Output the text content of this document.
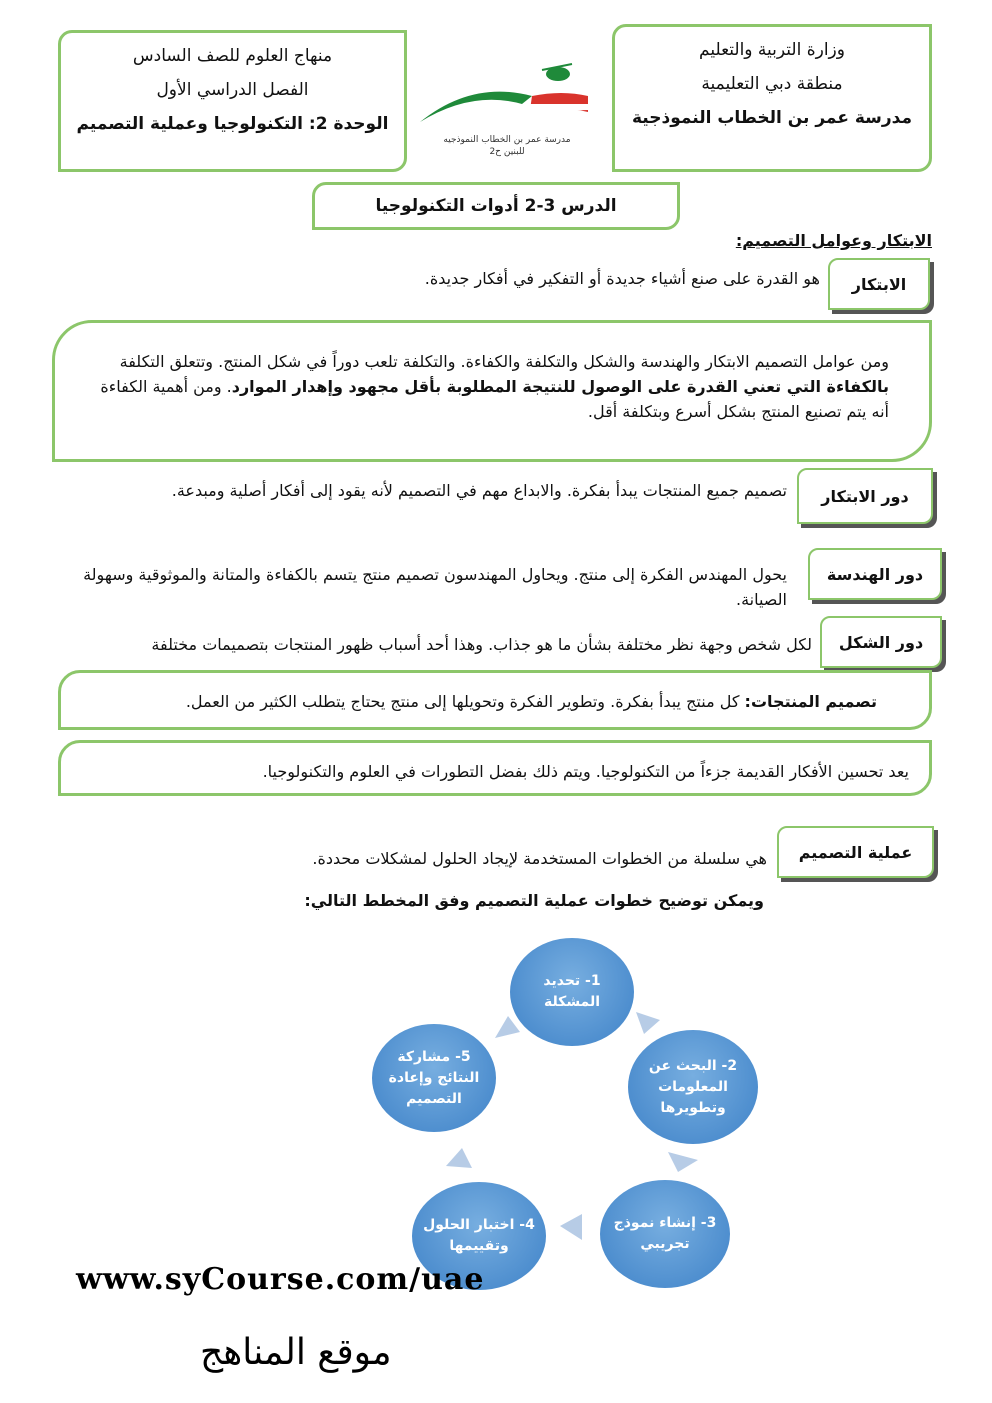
وزارة التربية والتعليم
منطقة دبي التعليمية
مدرسة عمر بن الخطاب النموذجية
منهاج العلوم للصف السادس
الفصل الدراسي الأول
الوحدة 2: التكنولوجيا وعملية التصميم
مدرسة عمر بن الخطاب النموذجيه
للبنين ح2
الدرس 3-2 أدوات التكنولوجيا
الابتكار وعوامل التصميم:
الابتكار
هو القدرة على صنع أشياء جديدة أو التفكير في أفكار جديدة.
ومن عوامل التصميم الابتكار والهندسة والشكل والتكلفة والكفاءة. والتكلفة تلعب دوراً في شكل المنتج. وتتعلق التكلفة بالكفاءة التي تعني القدرة على الوصول للنتيجة المطلوبة بأقل مجهود وإهدار الموارد. ومن أهمية الكفاءة أنه يتم تصنيع المنتج بشكل أسرع وبتكلفة أقل.
دور الابتكار
تصميم جميع المنتجات يبدأ بفكرة. والابداع مهم في التصميم لأنه يقود إلى أفكار أصلية ومبدعة.
دور الهندسة
يحول المهندس الفكرة إلى منتج. ويحاول المهندسون تصميم منتج يتسم بالكفاءة والمتانة والموثوقية وسهولة الصيانة.
دور الشكل
لكل شخص وجهة نظر مختلفة بشأن ما هو جذاب. وهذا أحد أسباب ظهور المنتجات بتصميمات مختلفة
تصميم المنتجات: كل منتج يبدأ بفكرة. وتطوير الفكرة وتحويلها إلى منتج يحتاج يتطلب الكثير من العمل.
يعد تحسين الأفكار القديمة جزءاً من التكنولوجيا. ويتم ذلك بفضل التطورات في العلوم والتكنولوجيا.
عملية التصميم
هي سلسلة من الخطوات المستخدمة لإيجاد الحلول لمشكلات محددة.
ويمكن توضيح خطوات عملية التصميم وفق المخطط التالي:
1- تحديد المشكلة
2- البحث عن المعلومات وتطويرها
3- إنشاء نموذج تجريبي
4- اختبار الحلول وتقييمها
5- مشاركة النتائج وإعادة التصميم
www.syCourse.com/uae
موقع المناهج
